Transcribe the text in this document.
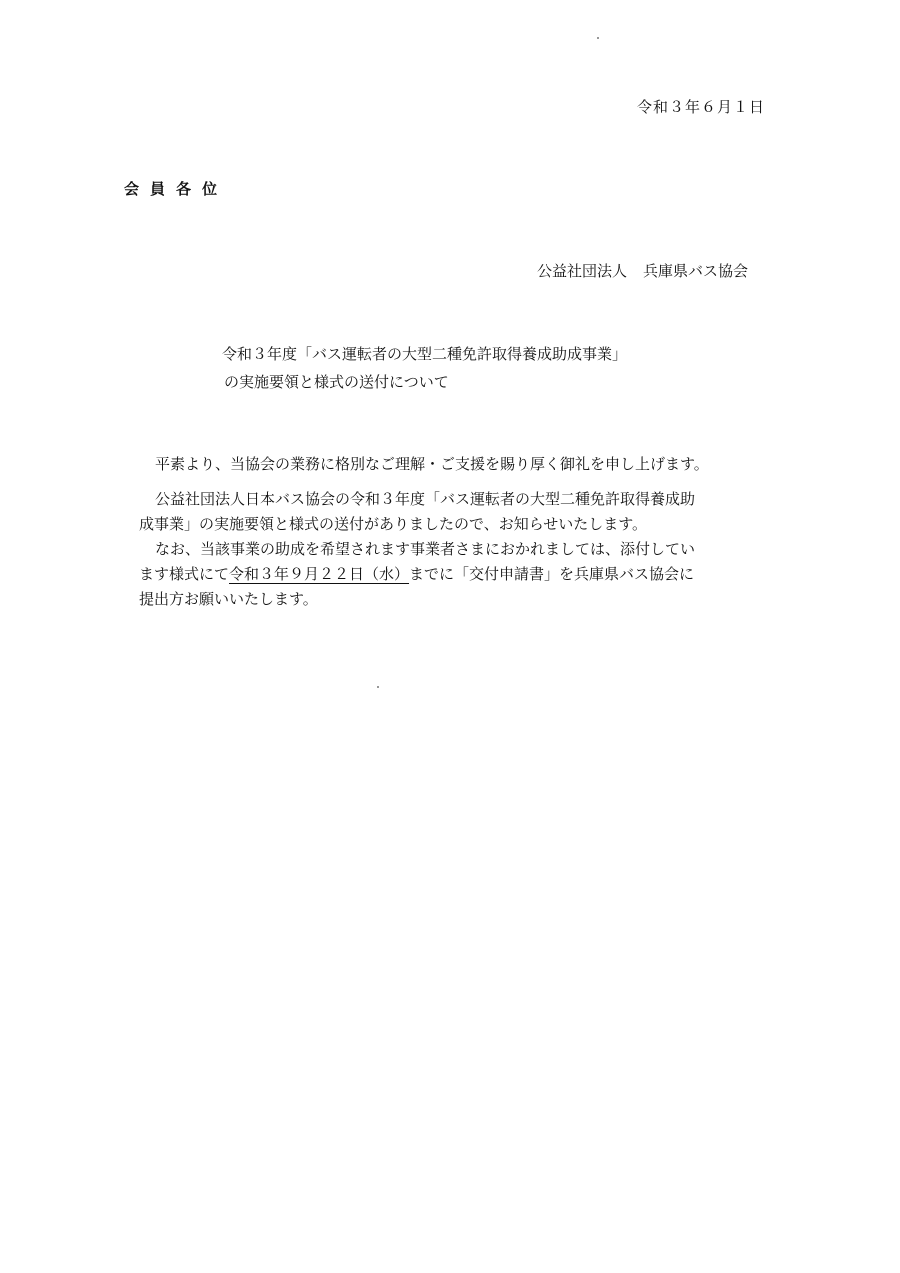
令和３年６月１日
会員各位
公益社団法人 兵庫県バス協会
令和３年度「バス運転者の大型二種免許取得養成助成事業」
の実施要領と様式の送付について

平素より、当協会の業務に格別なご理解・ご支援を賜り厚く御礼を申し上げます。

公益社団法人日本バス協会の令和３年度「バス運転者の大型二種免許取得養成助

成事業」の実施要領と様式の送付がありましたので、お知らせいたします。

なお、当該事業の助成を希望されます事業者さまにおかれましては、添付してい

ます様式にて令和３年９月２２日（水）までに「交付申請書」を兵庫県バス協会に

提出方お願いいたします。
